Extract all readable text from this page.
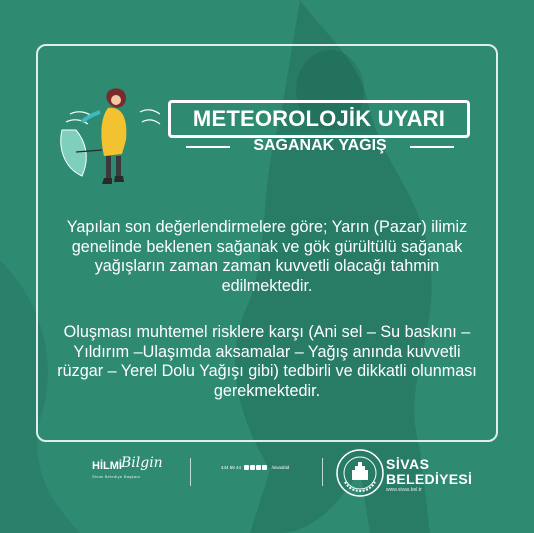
METEOROLOJİK UYARI
SAĞANAK YAĞIŞ

Yapılan son değerlendirmelere göre; Yarın (Pazar) ilimiz genelinde beklenen sağanak ve gök gürültülü sağanak yağışların zaman zaman kuvvetli olacağı tahmin edilmektedir.

Oluşması muhtemel risklere karşı (Ani sel – Su baskını – Yıldırım –Ulaşımda aksamalar – Yağış anında kuvvetli rüzgar – Yerel Dolu Yağışı gibi) tedbirli ve dikkatli olunması gerekmektedir.

HİLMİ Bilgin
Sivas Belediye Başkanı
444 58 44	/sivasbld	SİVAS
BELEDİYESİ
www.sivas.bel.tr
